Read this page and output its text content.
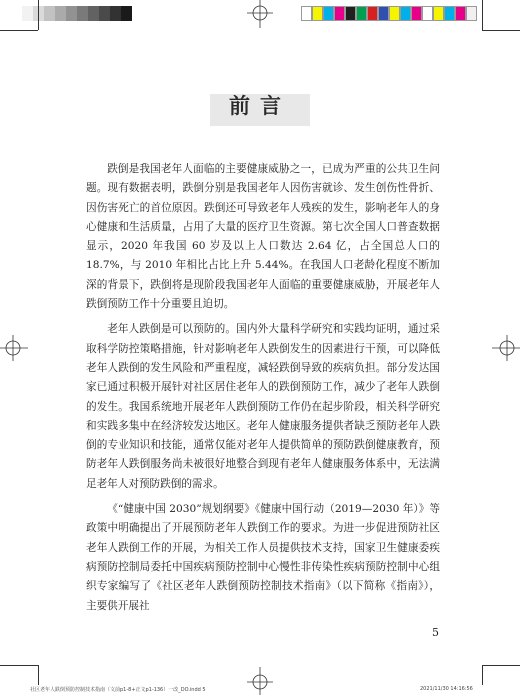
前言

跌倒是我国老年人面临的主要健康威胁之一，已成为严重的公共卫生问题。现有数据表明，跌倒分别是我国老年人因伤害就诊、发生创伤性骨折、因伤害死亡的首位原因。跌倒还可导致老年人残疾的发生，影响老年人的身心健康和生活质量，占用了大量的医疗卫生资源。第七次全国人口普查数据显示，2020 年我国 60 岁及以上人口数达 2.64 亿，占全国总人口的 18.7%，与 2010 年相比占比上升 5.44%。在我国人口老龄化程度不断加深的背景下，跌倒将是现阶段我国老年人面临的重要健康威胁，开展老年人跌倒预防工作十分重要且迫切。

老年人跌倒是可以预防的。国内外大量科学研究和实践均证明，通过采取科学防控策略措施，针对影响老年人跌倒发生的因素进行干预，可以降低老年人跌倒的发生风险和严重程度，减轻跌倒导致的疾病负担。部分发达国家已通过积极开展针对社区居住老年人的跌倒预防工作，减少了老年人跌倒的发生。我国系统地开展老年人跌倒预防工作仍在起步阶段，相关科学研究和实践多集中在经济较发达地区。老年人健康服务提供者缺乏预防老年人跌倒的专业知识和技能，通常仅能对老年人提供简单的预防跌倒健康教育，预防老年人跌倒服务尚未被很好地整合到现有老年人健康服务体系中，无法满足老年人对预防跌倒的需求。

《“健康中国 2030”规划纲要》《健康中国行动（2019—2030 年）》等政策中明确提出了开展预防老年人跌倒工作的要求。为进一步促进预防社区老年人跌倒工作的开展，为相关工作人员提供技术支持，国家卫生健康委疾病预防控制局委托中国疾病预防控制中心慢性非传染性疾病预防控制中心组织专家编写了《社区老年人跌倒预防控制技术指南》（以下简称《指南》），主要供开展社

5
社区老年人跌倒预防控制技术指南（文前p1-8+正文p1-136）一改_DO.indd 5	2021/11/30 14:16:56
